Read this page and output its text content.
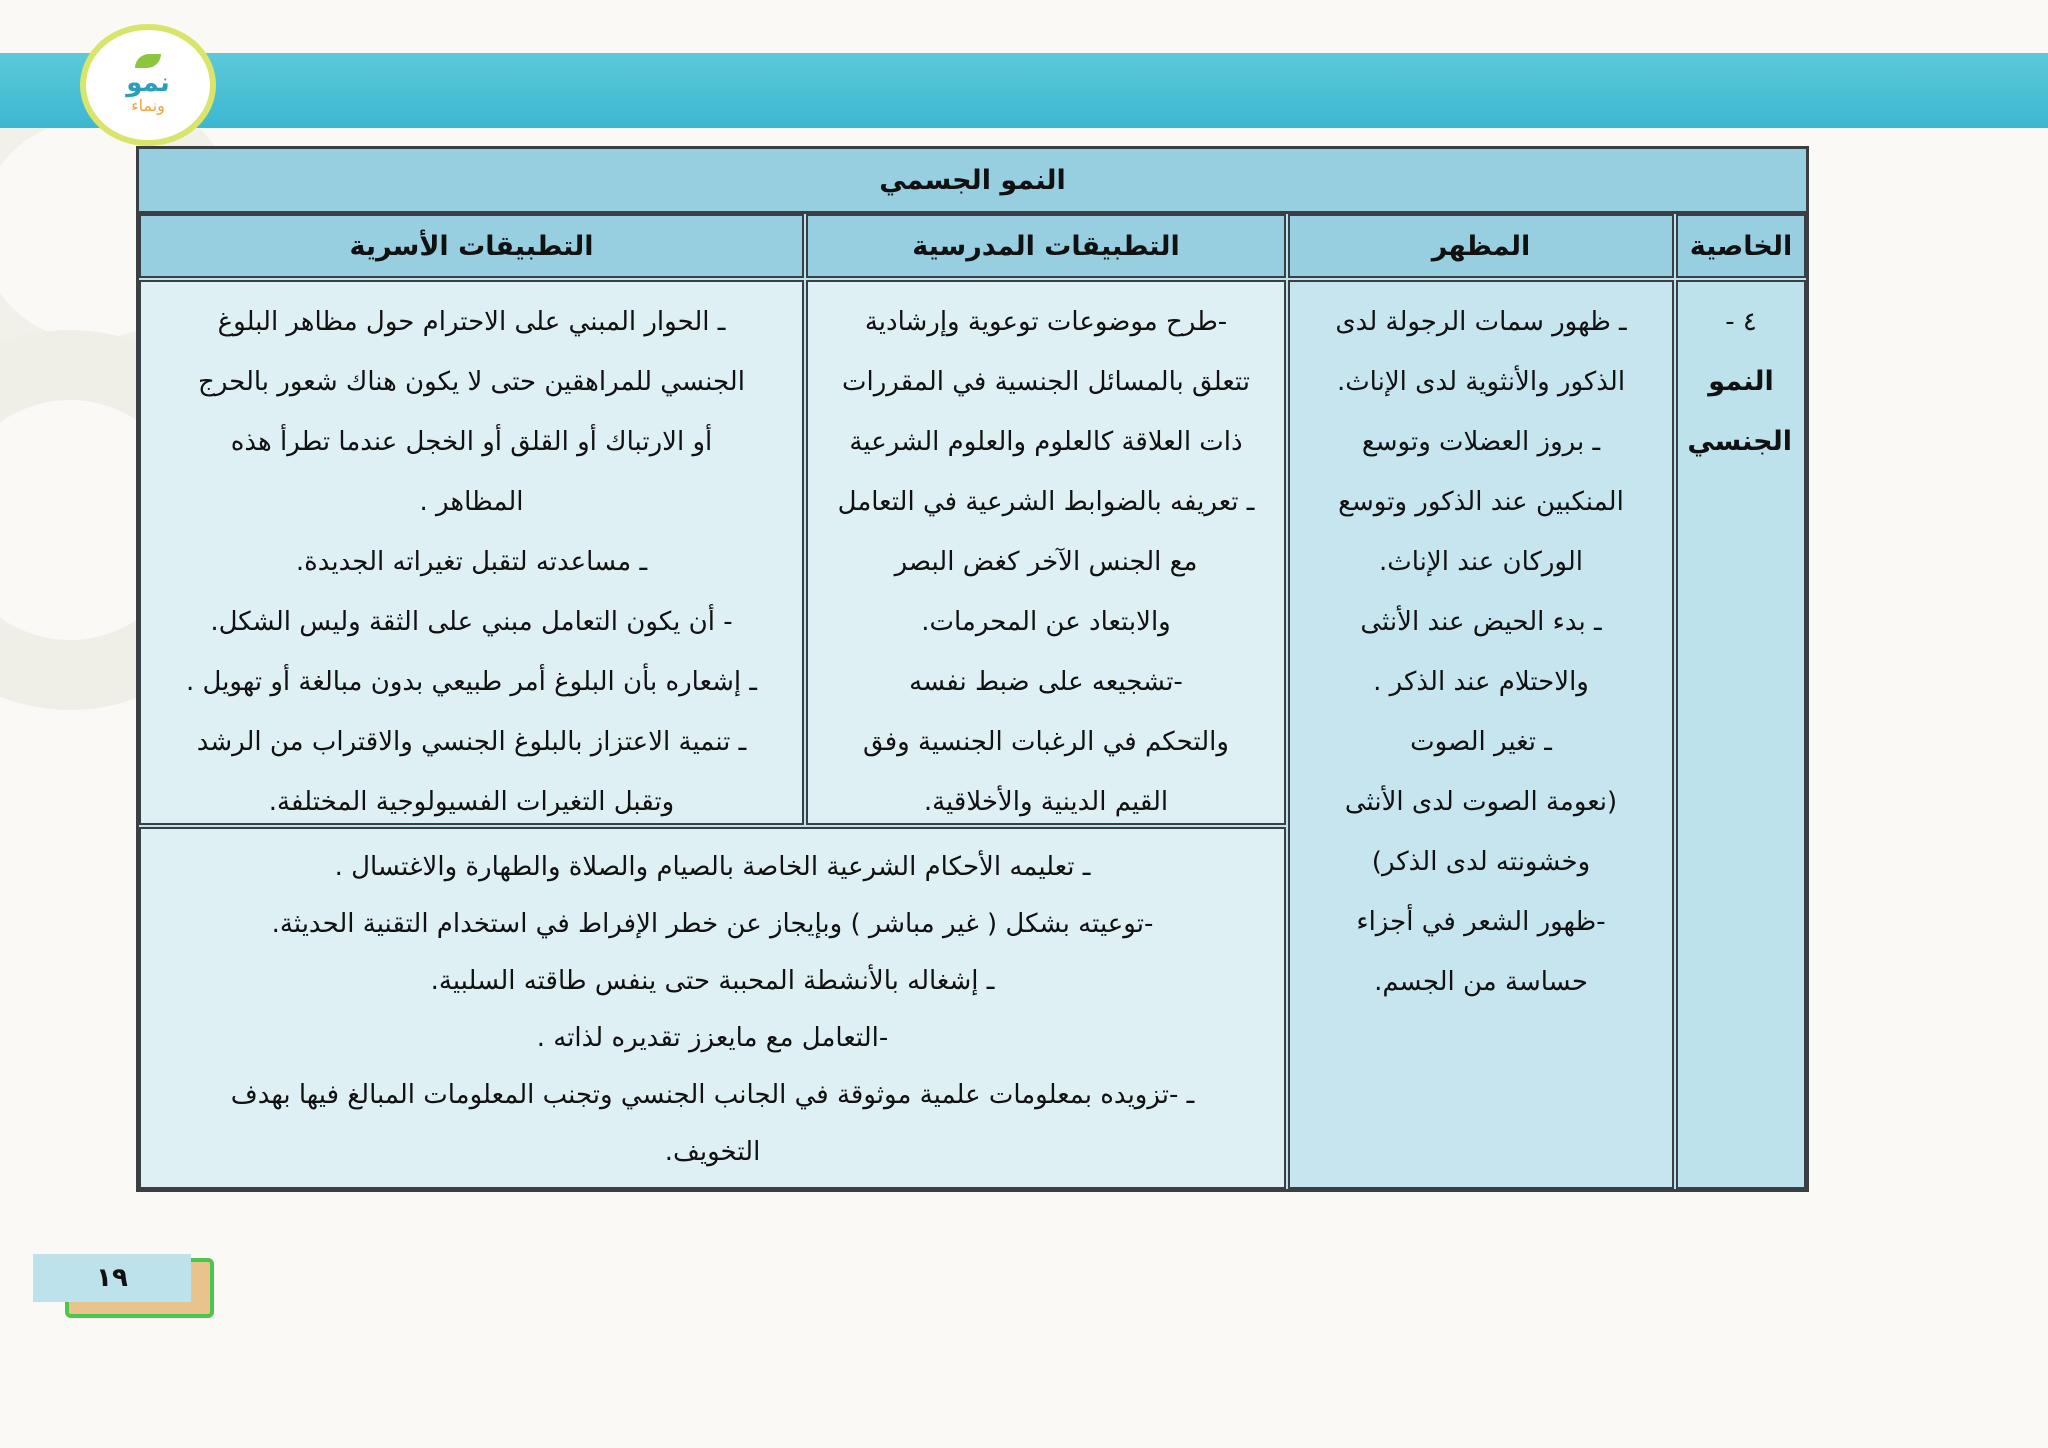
نمو
ونماء
النمو الجسمي
الخاصية
المظهر
التطبيقات المدرسية
التطبيقات الأسرية

٤ -

النمو

الجنسي

ـ ظهور سمات الرجولة لدى

الذكور والأنثوية لدى الإناث.

ـ بروز العضلات وتوسع

المنكبين عند الذكور وتوسع

الوركان عند الإناث.

ـ بدء الحيض عند الأنثى

والاحتلام عند الذكر .

ـ تغير الصوت

(نعومة الصوت لدى الأنثى

وخشونته لدى الذكر)

-ظهور الشعر في أجزاء

حساسة من الجسم.

-طرح موضوعات توعوية وإرشادية

تتعلق بالمسائل الجنسية في المقررات

ذات العلاقة كالعلوم والعلوم الشرعية

ـ تعريفه بالضوابط الشرعية في التعامل

مع الجنس الآخر كغض البصر

والابتعاد عن المحرمات.

-تشجيعه على ضبط نفسه

والتحكم في الرغبات الجنسية وفق

القيم الدينية والأخلاقية.

ـ الحوار المبني على الاحترام حول مظاهر البلوغ

الجنسي للمراهقين حتى لا يكون هناك شعور بالحرج

أو الارتباك أو القلق أو الخجل عندما تطرأ هذه

المظاهر .

ـ مساعدته لتقبل تغيراته الجديدة.

- أن يكون التعامل مبني على الثقة وليس الشكل.

ـ إشعاره بأن البلوغ أمر طبيعي بدون مبالغة أو تهويل .

ـ تنمية الاعتزاز بالبلوغ الجنسي والاقتراب من الرشد

وتقبل التغيرات الفسيولوجية المختلفة.

ـ تعليمه الأحكام الشرعية الخاصة بالصيام والصلاة والطهارة والاغتسال .

-توعيته بشكل ( غير مباشر ) وبإيجاز عن خطر الإفراط في استخدام التقنية الحديثة.

ـ إشغاله بالأنشطة المحببة حتى ينفس طاقته السلبية.

-التعامل مع مايعزز تقديره لذاته .

ـ -تزويده بمعلومات علمية موثوقة في الجانب الجنسي وتجنب المعلومات المبالغ فيها بهدف

التخويف.

١٩
